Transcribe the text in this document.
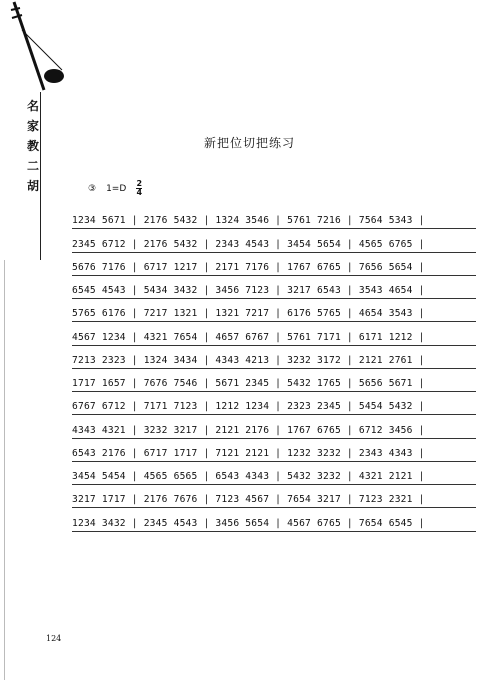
名
家
教
二
胡
新把位切把练习
③ 1=D 2
4
1234 5671 | 2176 5432 | 1324 3546 | 5761 7216 | 7564 5343 |
2345 6712 | 2176 5432 | 2343 4543 | 3454 5654 | 4565 6765 |
5676 7176 | 6717 1217 | 2171 7176 | 1767 6765 | 7656 5654 |
6545 4543 | 5434 3432 | 3456 7123 | 3217 6543 | 3543 4654 |
5765 6176 | 7217 1321 | 1321 7217 | 6176 5765 | 4654 3543 |
4567 1234 | 4321 7654 | 4657 6767 | 5761 7171 | 6171 1212 |
7213 2323 | 1324 3434 | 4343 4213 | 3232 3172 | 2121 2761 |
1717 1657 | 7676 7546 | 5671 2345 | 5432 1765 | 5656 5671 |
6767 6712 | 7171 7123 | 1212 1234 | 2323 2345 | 5454 5432 |
4343 4321 | 3232 3217 | 2121 2176 | 1767 6765 | 6712 3456 |
6543 2176 | 6717 1717 | 7121 2121 | 1232 3232 | 2343 4343 |
3454 5454 | 4565 6565 | 6543 4343 | 5432 3232 | 4321 2121 |
3217 1717 | 2176 7676 | 7123 4567 | 7654 3217 | 7123 2321 |
1234 3432 | 2345 4543 | 3456 5654 | 4567 6765 | 7654 6545 |
124
